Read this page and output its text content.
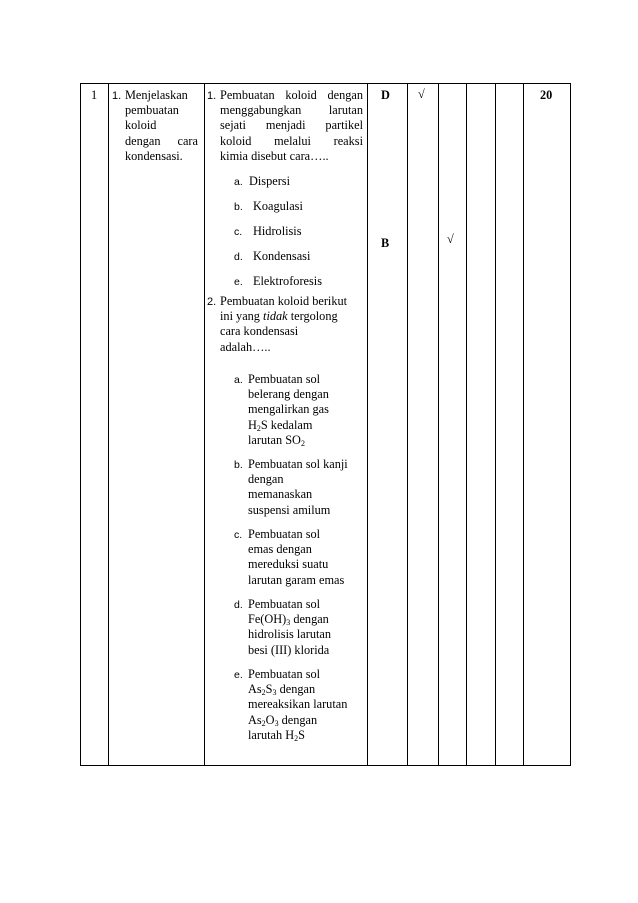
1 1. Menjelaskan
pembuatan
koloid
dengan cara
kondensasi.
1. Pembuatan koloid dengan
menggabungkan larutan
sejati menjadi partikel
koloid melalui reaksi
kimia disebut cara…..
a. Dispersi
b. Koagulasi
c. Hidrolisis
d. Kondensasi
e. Elektroforesis
2. Pembuatan koloid berikut
ini yang tidak tergolong
cara kondensasi
adalah…..
a. Pembuatan sol
belerang dengan
mengalirkan gas
$H_2S$ kedalam
larutan $SO_2$
b. Pembuatan sol kanji
dengan
memanaskan
suspensi amilum
c. Pembuatan sol
emas dengan
mereduksi suatu
larutan garam emas
d. Pembuatan sol
$Fe(OH)_3$ dengan
hidrolisis larutan
besi (III) klorida
e. Pembuatan sol
$As_2S_3$ dengan
mereaksikan larutan
$As_2O_3$ dengan
larutah $H_2S$
D
B
√
√
20
